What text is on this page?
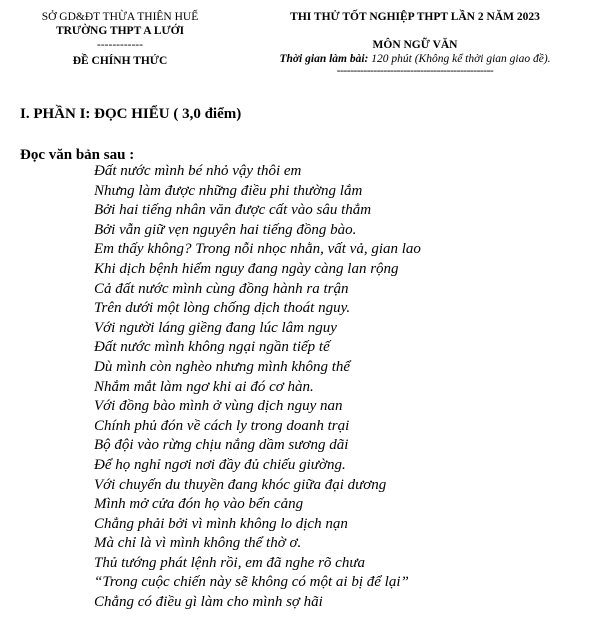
SỞ GD&ĐT THỪA THIÊN HUẾ
TRƯỜNG THPT A LƯỚI
------------
ĐỀ CHÍNH THỨC
THI THỬ TỐT NGHIỆP THPT LẦN 2 NĂM 2023
MÔN NGỮ VĂN
Thời gian làm bài: 120 phút (Không kể thời gian giao đề).
-----------------------------------------------
I. PHẦN I: ĐỌC HIỂU ( 3,0 điểm)
Đọc văn bản sau :
Đất nước mình bé nhỏ vậy thôi em
Nhưng làm được những điều phi thường lắm
Bởi hai tiếng nhân văn được cất vào sâu thẳm
Bởi vẫn giữ vẹn nguyên hai tiếng đồng bào.
Em thấy không? Trong nỗi nhọc nhằn, vất vả, gian lao
Khi dịch bệnh hiểm nguy đang ngày càng lan rộng
Cả đất nước mình cùng đồng hành ra trận
Trên dưới một lòng chống dịch thoát nguy.
Với người láng giềng đang lúc lâm nguy
Đất nước mình không ngại ngần tiếp tế
Dù mình còn nghèo nhưng mình không thể
Nhắm mắt làm ngơ khi ai đó cơ hàn.
Với đồng bào mình ở vùng dịch nguy nan
Chính phủ đón về cách ly trong doanh trại
Bộ đội vào rừng chịu nắng dầm sương dãi
Để họ nghỉ ngơi nơi đầy đủ chiếu giường.
Với chuyến du thuyền đang khóc giữa đại dương
Mình mở cửa đón họ vào bến cảng
Chẳng phải bởi vì mình không lo dịch nạn
Mà chỉ là vì mình không thể thờ ơ.
Thủ tướng phát lệnh rồi, em đã nghe rõ chưa
“Trong cuộc chiến này sẽ không có một ai bị để lại”
Chẳng có điều gì làm cho mình sợ hãi
